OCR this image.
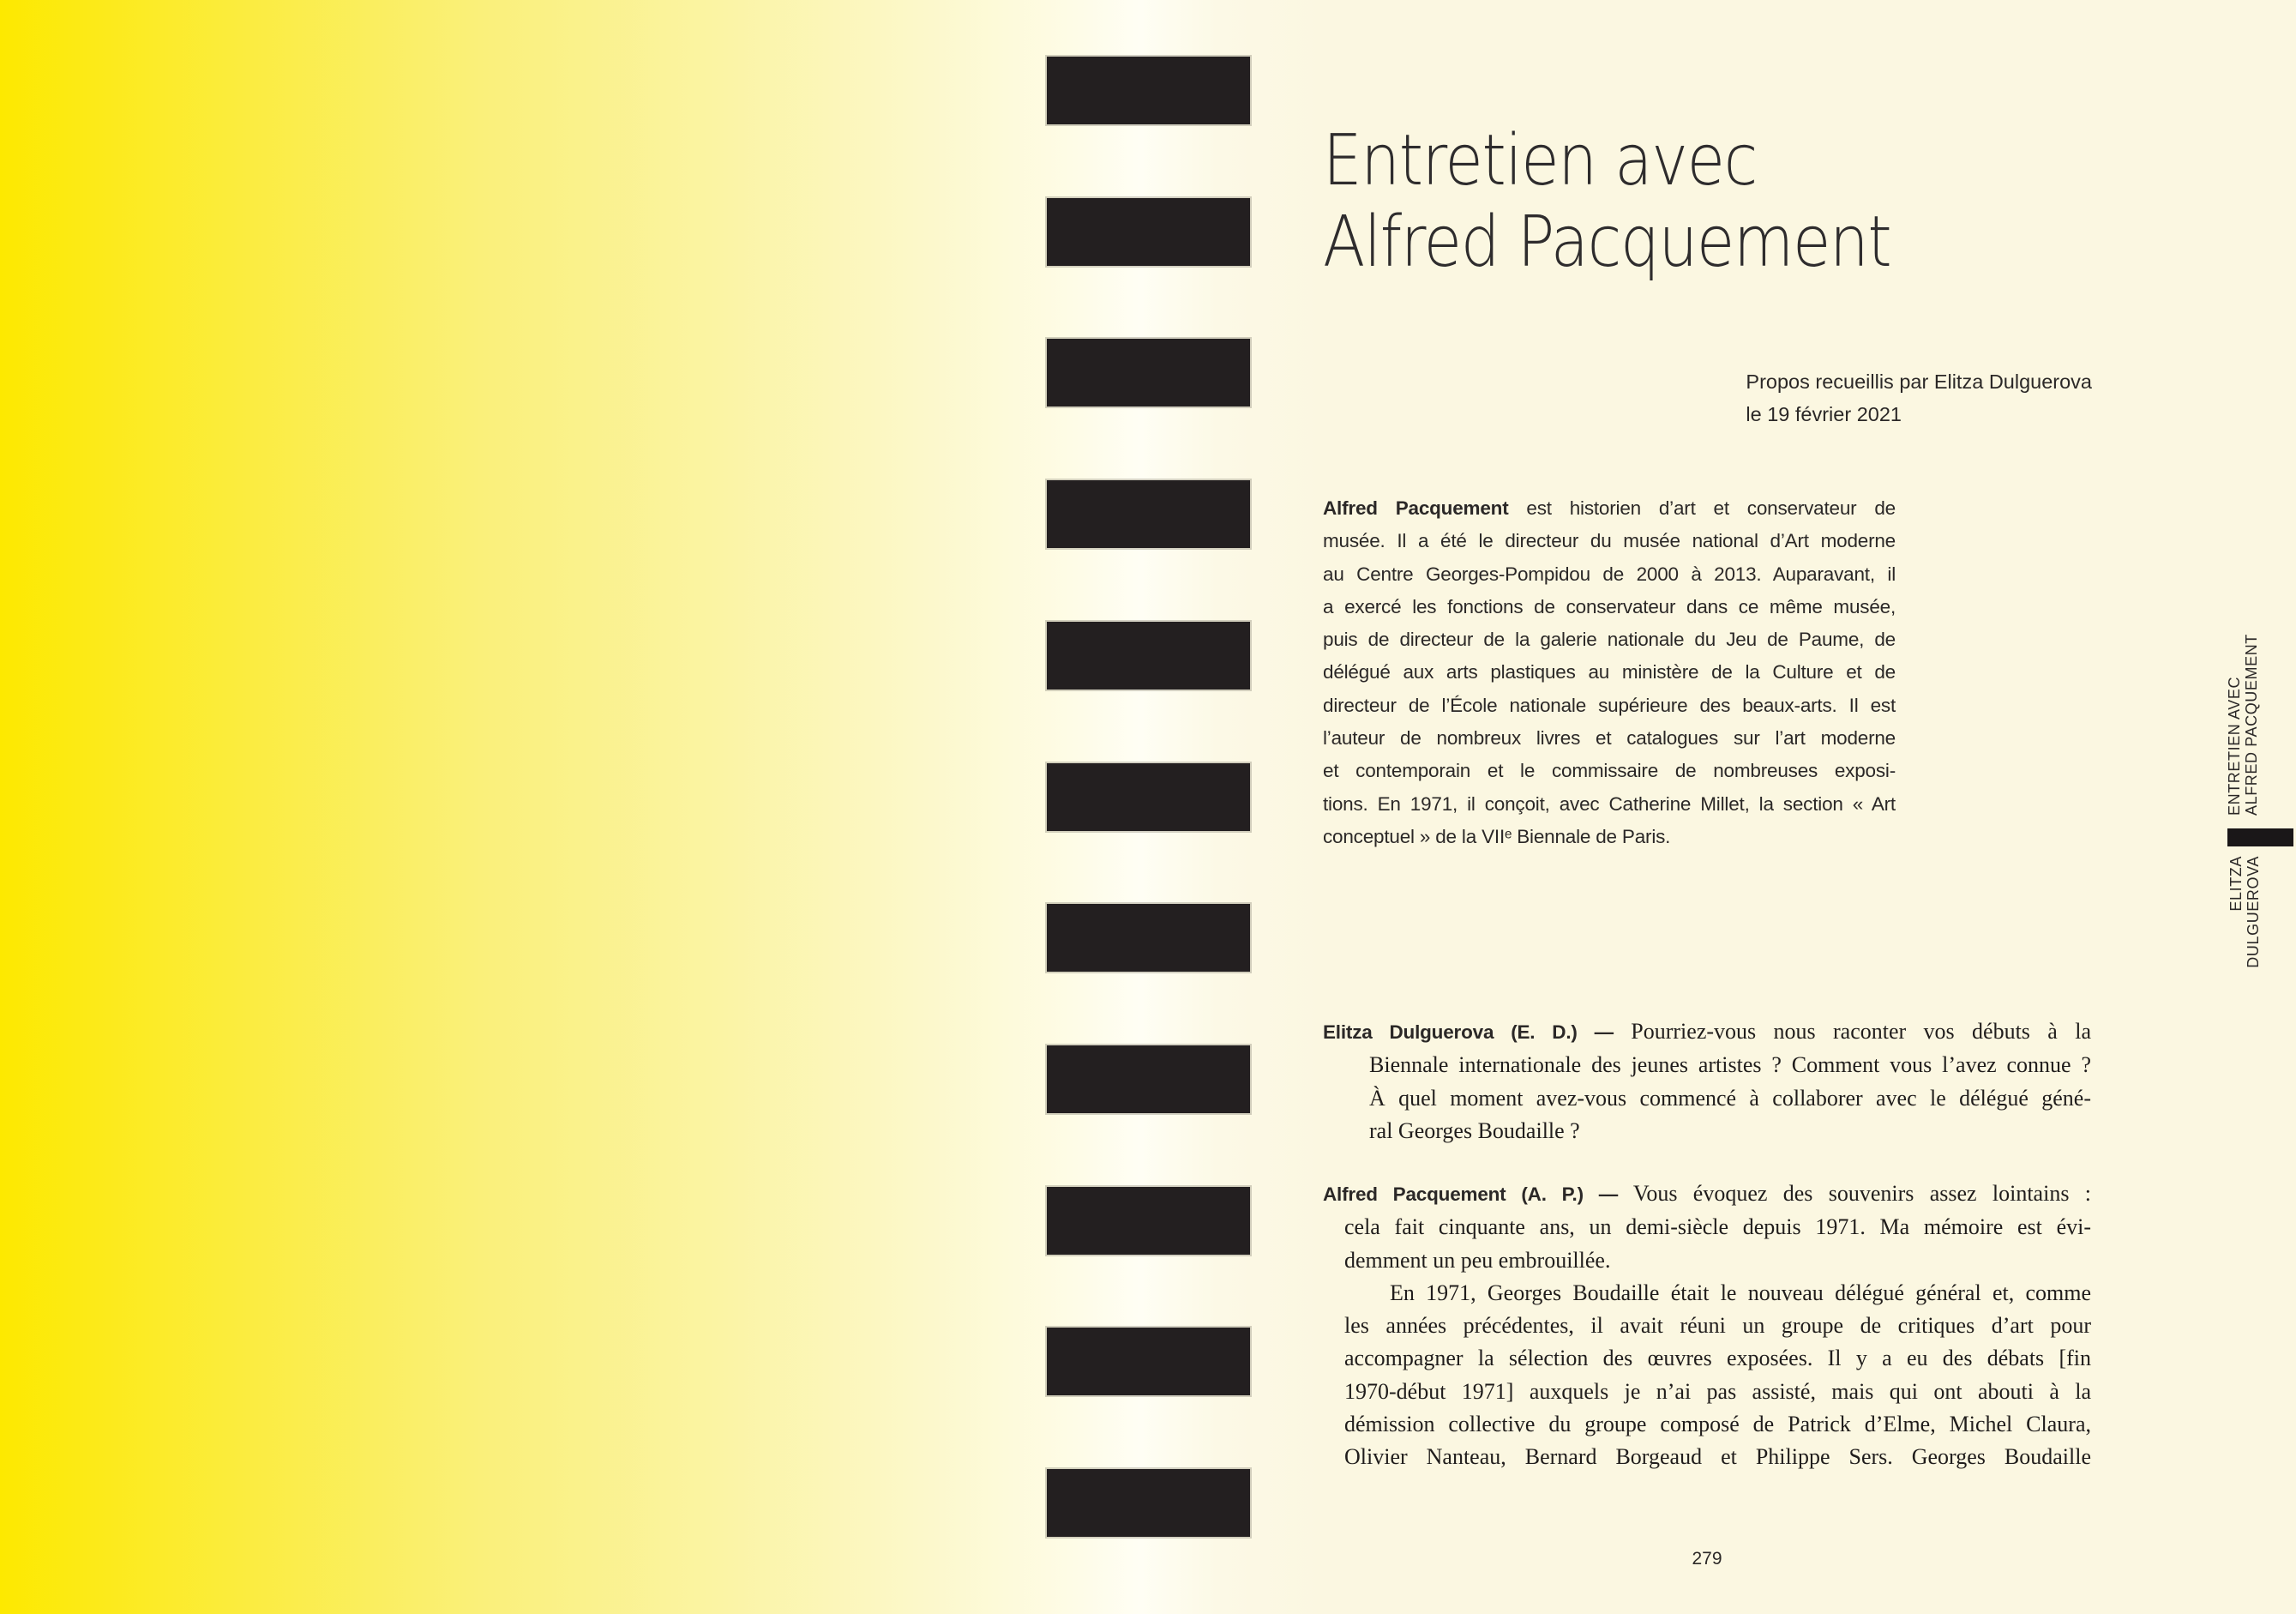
Entretien avec
Alfred Pacquement
Propos recueillis par Elitza Dulguerova
le 19 février 2021
Alfred Pacquement est historien d’art et conservateur de
musée. Il a été le directeur du musée national d’Art moderne
au Centre Georges-Pompidou de 2000 à 2013. Auparavant, il
a exercé les fonctions de conservateur dans ce même musée,
puis de directeur de la galerie nationale du Jeu de Paume, de
délégué aux arts plastiques au ministère de la Culture et de
directeur de l’École nationale supérieure des beaux-arts. Il est
l’auteur de nombreux livres et catalogues sur l’art moderne
et contemporain et le commissaire de nombreuses exposi-
tions. En 1971, il conçoit, avec Catherine Millet, la section « Art
conceptuel » de la VIIᵉ Biennale de Paris.
Elitza Dulguerova (E. D.) — Pourriez-vous nous raconter vos débuts à la
Biennale internationale des jeunes artistes ? Comment vous l’avez connue ?
À quel moment avez-vous commencé à collaborer avec le délégué géné-
ral Georges Boudaille ?
Alfred Pacquement (A. P.) — Vous évoquez des souvenirs assez lointains :
cela fait cinquante ans, un demi-siècle depuis 1971. Ma mémoire est évi-
demment un peu embrouillée.
En 1971, Georges Boudaille était le nouveau délégué général et, comme
les années précédentes, il avait réuni un groupe de critiques d’art pour
accompagner la sélection des œuvres exposées. Il y a eu des débats [fin
1970-début 1971] auxquels je n’ai pas assisté, mais qui ont abouti à la
démission collective du groupe composé de Patrick d’Elme, Michel Claura,
Olivier Nanteau, Bernard Borgeaud et Philippe Sers. Georges Boudaille
ENTRETIEN AVEC ALFRED PACQUEMENT
ELITZA DULGUEROVA
279
